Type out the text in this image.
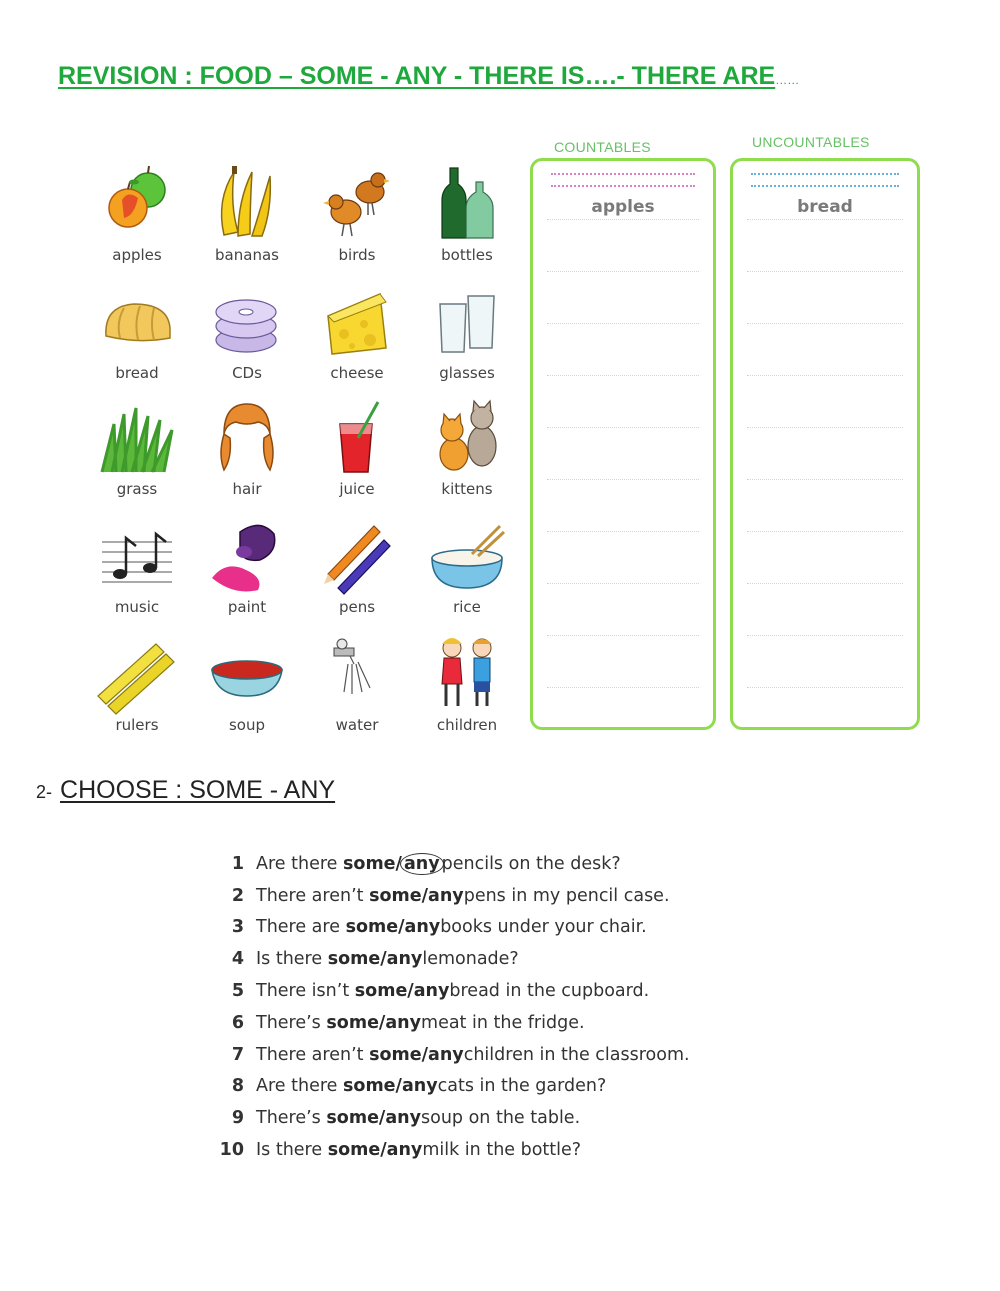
REVISION : FOOD – SOME - ANY - THERE IS….- THERE ARE……
apples	bananas	birds	bottles
bread	CDs	cheese	glasses
grass	hair	juice	kittens
music	paint	pens	rice
rulers	soup	water	children
COUNTABLES	UNCOUNTABLES
apples	bread
2- CHOOSE : SOME - ANY
1 Are there
some/ any pencils on the desk?
2 There aren’t
some/ any pens in my pencil case.
3 There are
some/ any books under your chair.
4 Is there
some/ any lemonade?
5 There isn’t
some/ any bread in the cupboard.
6 There’s
some/ any meat in the fridge.
7 There aren’t
some/ any children in the classroom.
8 Are there
some/ any cats in the garden?
9 There’s
some/ any soup on the table.
10 Is there
some/ any milk in the bottle?
